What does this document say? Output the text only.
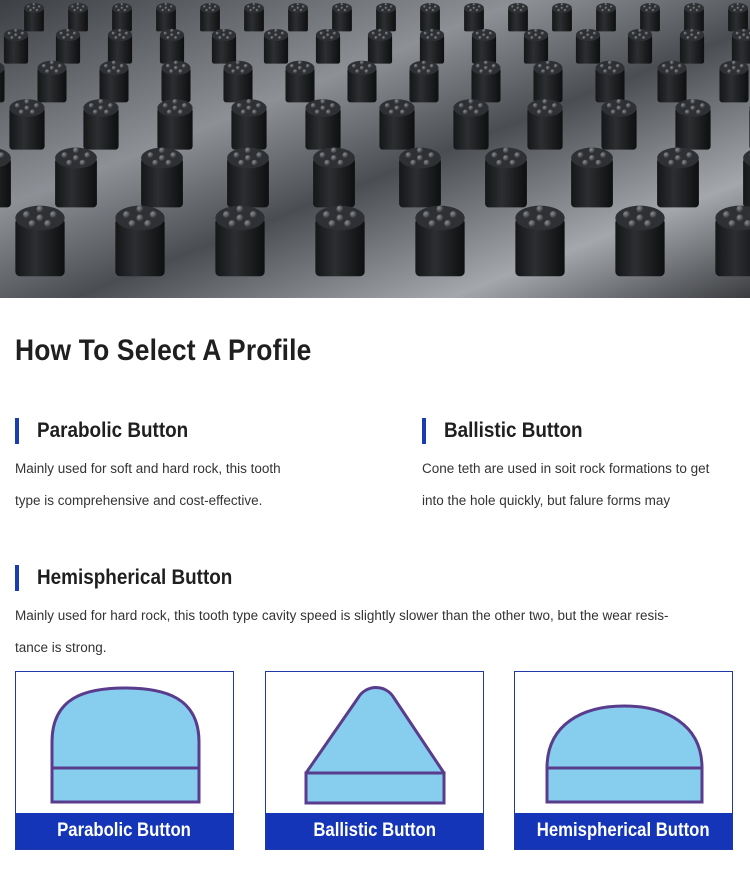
How To Select A Profile
Parabolic Button

Mainly used for soft and hard rock, this tooth
type is comprehensive and cost-effective.

Ballistic Button

Cone teth are used in soit rock formations to get
into the hole quickly, but falure forms may

Hemispherical Button

Mainly used for hard rock, this tooth type cavity speed is slightly slower than the other two, but the wear resis-
tance is strong.

Parabolic Button	Ballistic Button	Hemispherical Button
